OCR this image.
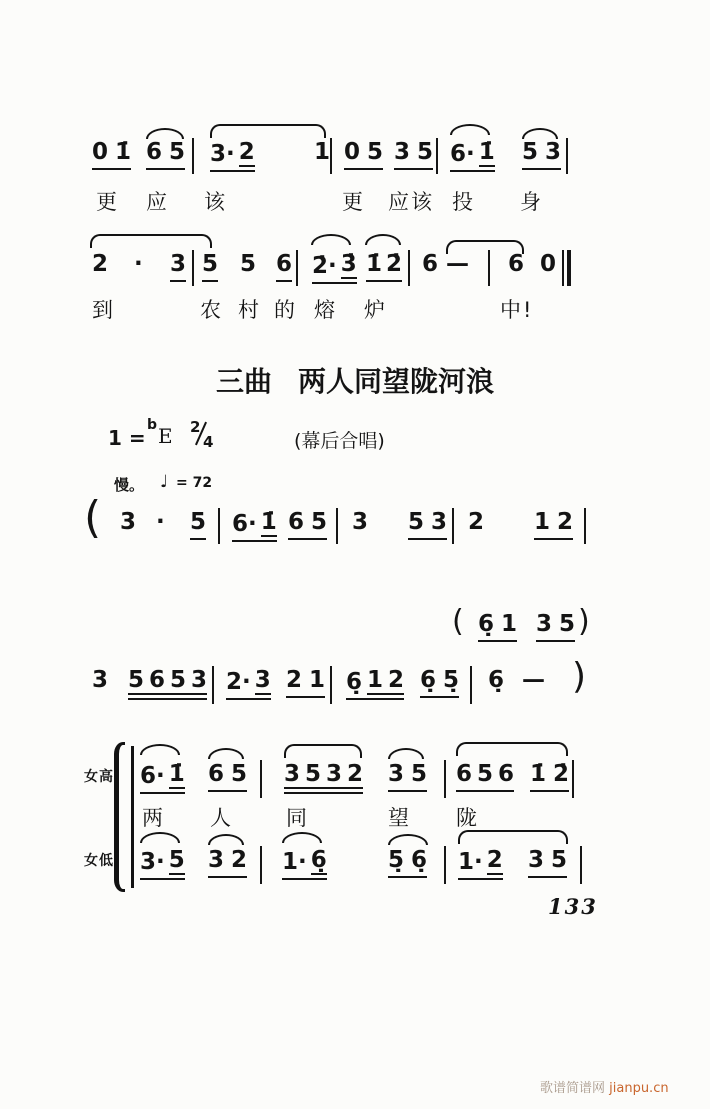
0 1̇ 6 5 3· 2	1 0 5 3 5 6· 1̇ 5 3
更 应 该	更 应该 投 身
2 · 3 5 5 6 2̇· 3̇ 1̇ 2̇ 6 — 6 0
到	农 村 的 熔 炉	中!
三曲 两人同望陇河浪
1 =
b E 2
4	(幕后合唱)
慢。 ♩ = 72
( 3 · 5 6· 1̇ 6 5 3 5 3 2 1 2
( 6̣ 1 3 5 )
3 5 6 5 3 2· 3 2 1 6̣ 1 2 6̣ 5̣ 6̣ — )
女高 6· 1̇ 6 5 3 5 3 2 3 5 6 5 6 1̇ 2̇
两 人	同	望 陇
女低 3· 5 3 2 1· 6̣	5̣ 6̣ 1· 2 3 5
133
歌谱简谱网 jianpu.cn
